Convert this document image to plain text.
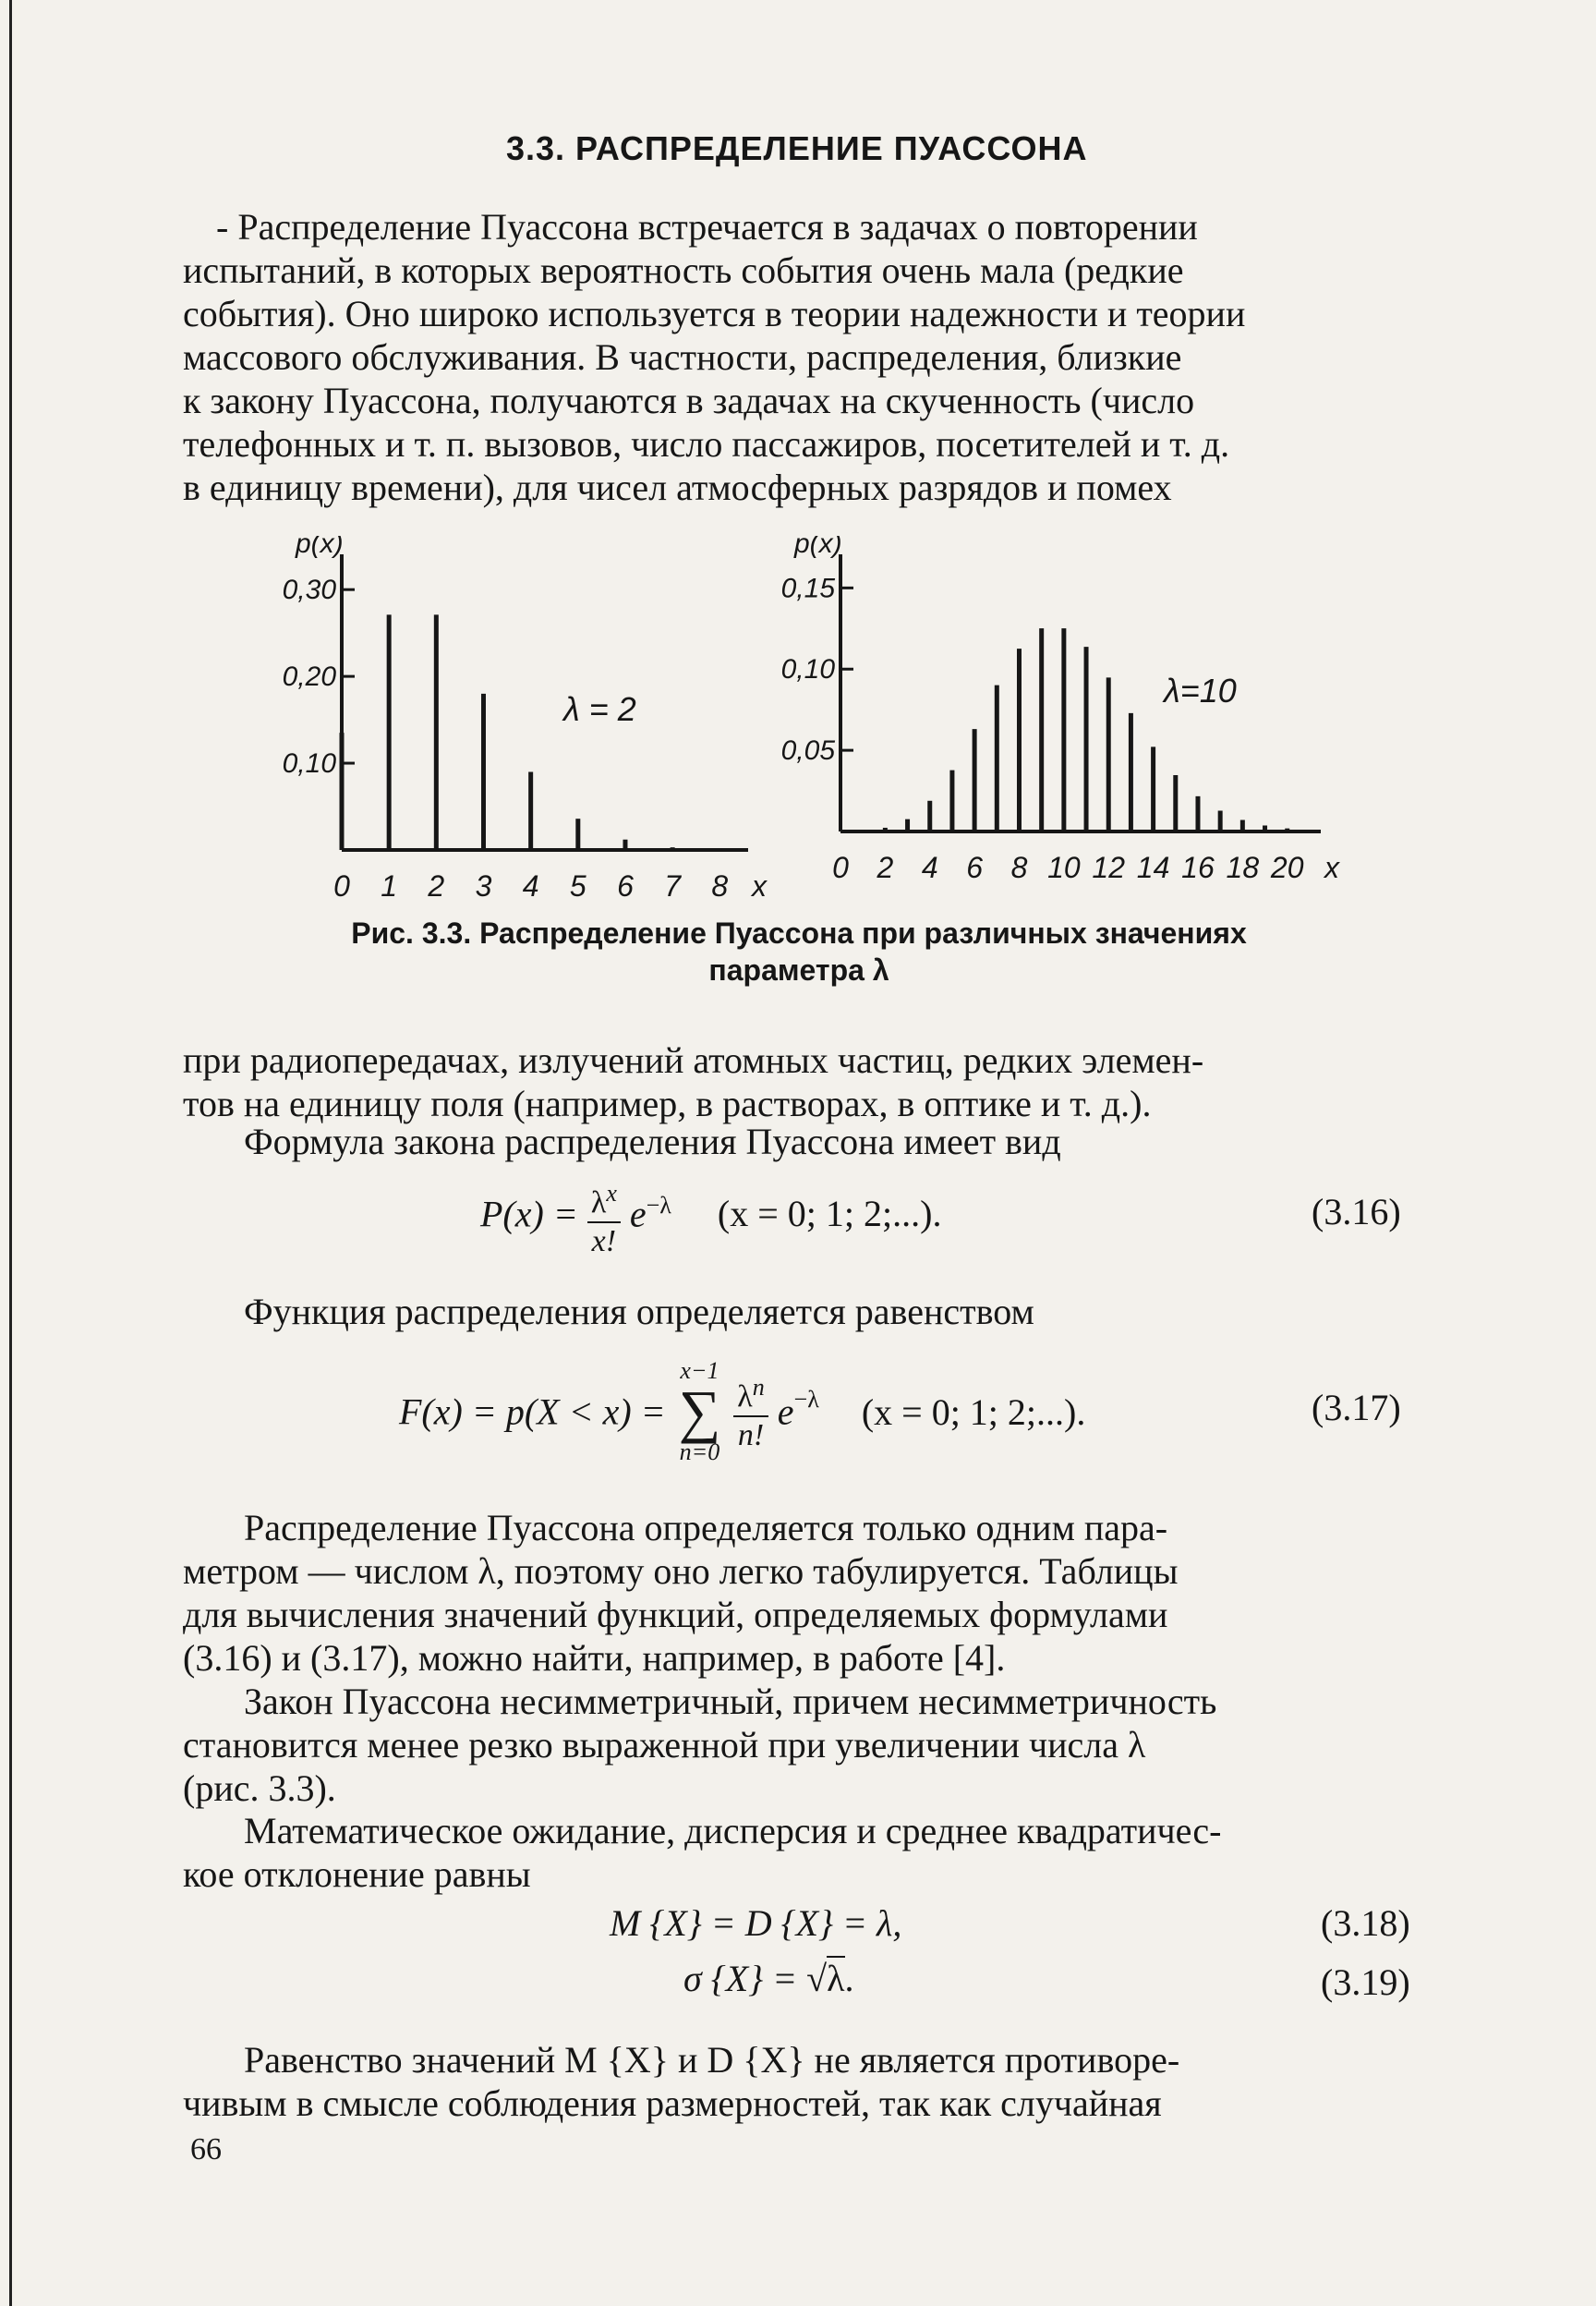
3.3. РАСПРЕДЕЛЕНИЕ ПУАССОНА
- Распределение Пуассона встречается в задачах о повторении
испытаний, в которых вероятность события очень мала (редкие
события). Оно широко используется в теории надежности и теории
массового обслуживания. В частности, распределения, близкие
к закону Пуассона, получаются в задачах на скученность (число
телефонных и т. п. вызовов, число пассажиров, посетителей и т. д.
в единицу времени), для чисел атмосферных разрядов и помех
0,10
0,20
0,30
p(x)
0 1 2 3 4 5 6 7 8 x
λ = 2
0,05
0,10
0,15
p(x)
0 2 4 6 8 10 12 14 16 18 20 x
λ=10
Рис. 3.3. Распределение Пуассона при различных значениях
параметра λ
при радиопередачах, излучений атомных частиц, редких элемен-
тов на единицу поля (например, в растворах, в оптике и т. д.).
Формула закона распределения Пуассона имеет вид
$P(x) = \frac{\lambda^x}{x!} e^{-\lambda}$ (x = 0; 1; 2;...).	(3.16)
Функция распределения определяется равенством
F(x) = p(X < x) =
x−1
∑
n=0
$\frac{\lambda^n}{n!} e^{-\lambda}$ (x = 0; 1; 2;...).	(3.17)
Распределение Пуассона определяется только одним пара-
метром — числом λ, поэтому оно легко табулируется. Таблицы
для вычисления значений функций, определяемых формулами
(3.16) и (3.17), можно найти, например, в работе [4].
Закон Пуассона несимметричный, причем несимметричность
становится менее резко выраженной при увеличении числа λ
(рис. 3.3).
Математическое ожидание, дисперсия и среднее квадратичес-
кое отклонение равны
M {X} = D {X} = λ,	(3.18)
σ {X} = √λ.	(3.19)
Равенство значений M {X} и D {X} не является противоре-
чивым в смысле соблюдения размерностей, так как случайная
66
